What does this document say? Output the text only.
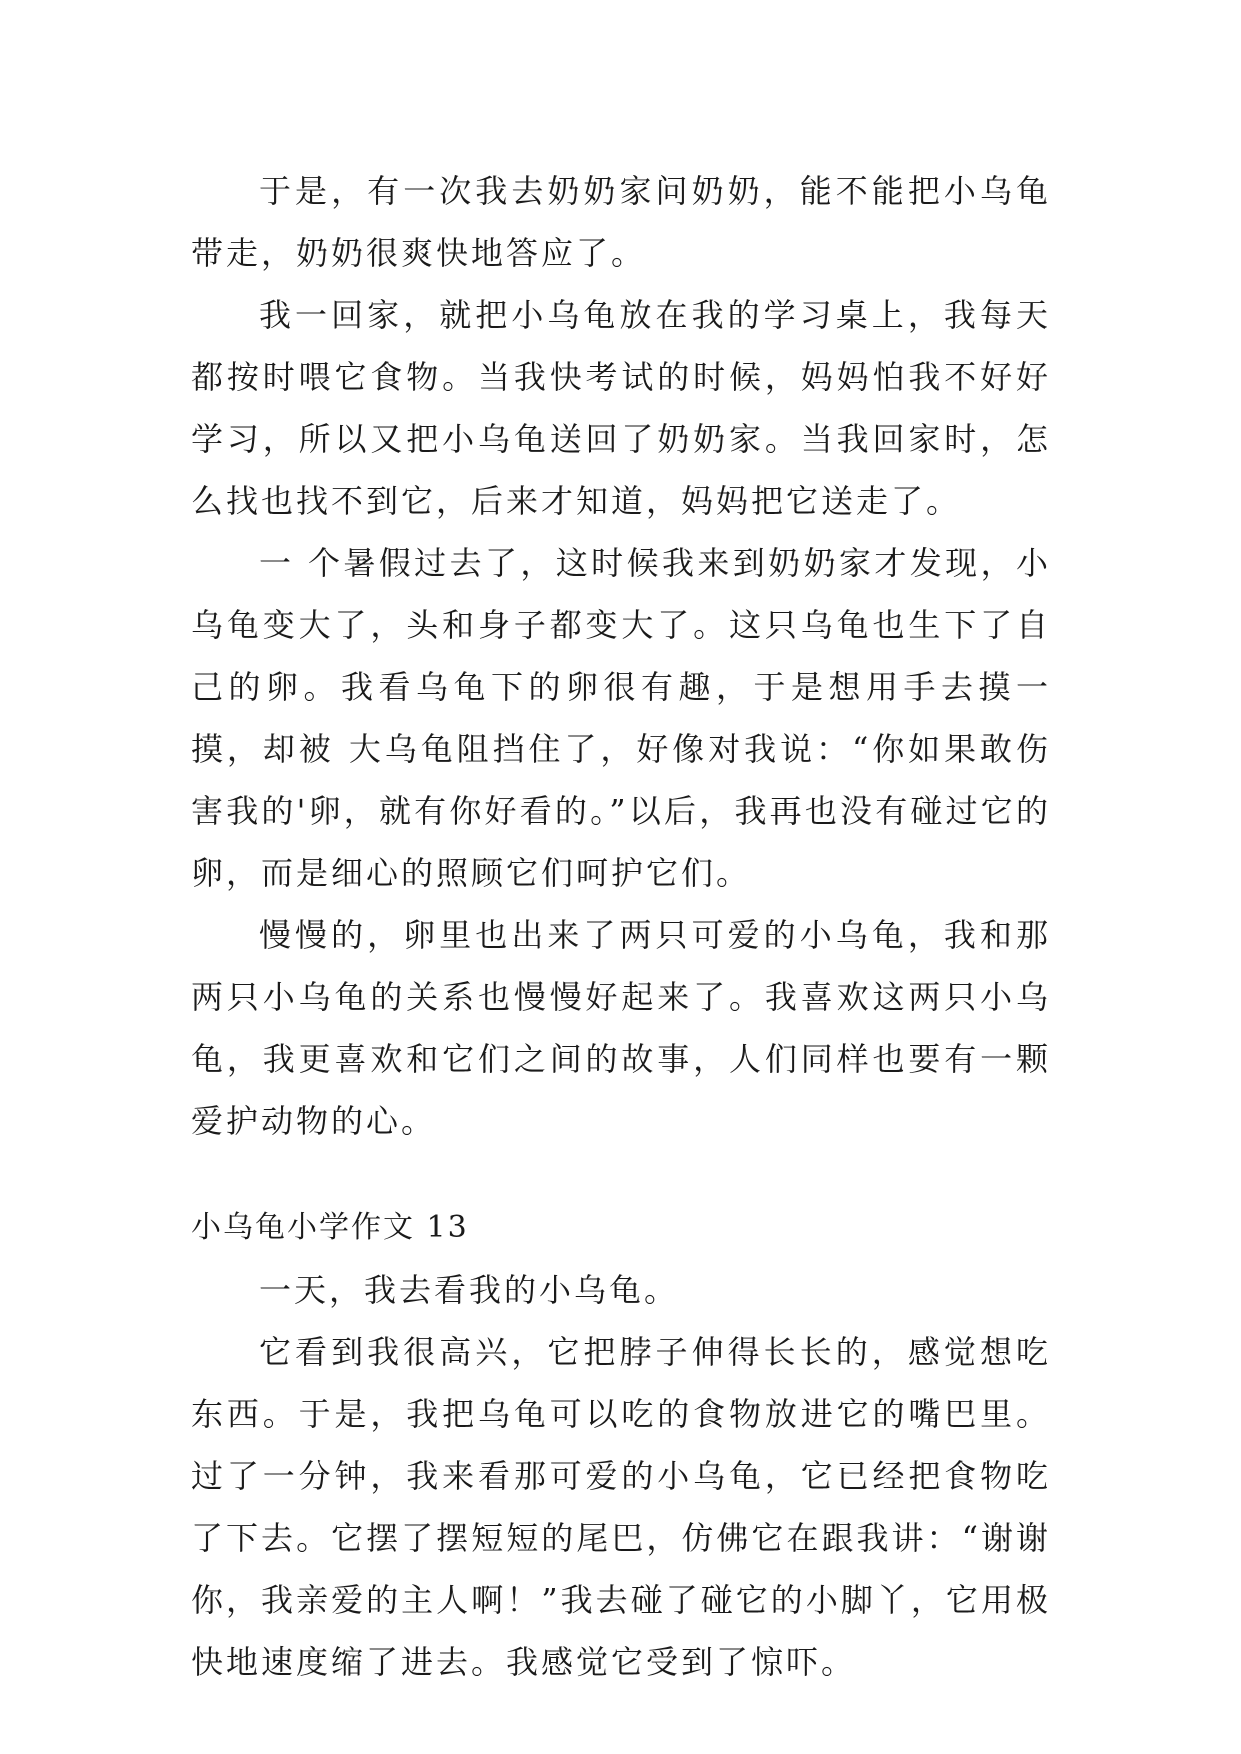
于是，有一次我去奶奶家问奶奶，能不能把小乌龟带走，奶奶很爽快地答应了。

我一回家，就把小乌龟放在我的学习桌上，我每天都按时喂它食物。当我快考试的时候，妈妈怕我不好好学习，所以又把小乌龟送回了奶奶家。当我回家时，怎么找也找不到它，后来才知道，妈妈把它送走了。

一 个暑假过去了，这时候我来到奶奶家才发现，小乌龟变大了，头和身子都变大了。这只乌龟也生下了自己的卵。我看乌龟下的卵很有趣，于是想用手去摸一摸，却被 大乌龟阻挡住了，好像对我说：“你如果敢伤害我的'卵，就有你好看的。”以后，我再也没有碰过它的卵，而是细心的照顾它们呵护它们。

慢慢的，卵里也出来了两只可爱的小乌龟，我和那两只小乌龟的关系也慢慢好起来了。我喜欢这两只小乌龟，我更喜欢和它们之间的故事，人们同样也要有一颗爱护动物的心。

小乌龟小学作文 13

一天，我去看我的小乌龟。

它看到我很高兴，它把脖子伸得长长的，感觉想吃东西。于是，我把乌龟可以吃的食物放进它的嘴巴里。过了一分钟，我来看那可爱的小乌龟，它已经把食物吃了下去。它摆了摆短短的尾巴，仿佛它在跟我讲：“谢谢你，我亲爱的主人啊！”我去碰了碰它的小脚丫，它用极快地速度缩了进去。我感觉它受到了惊吓。
